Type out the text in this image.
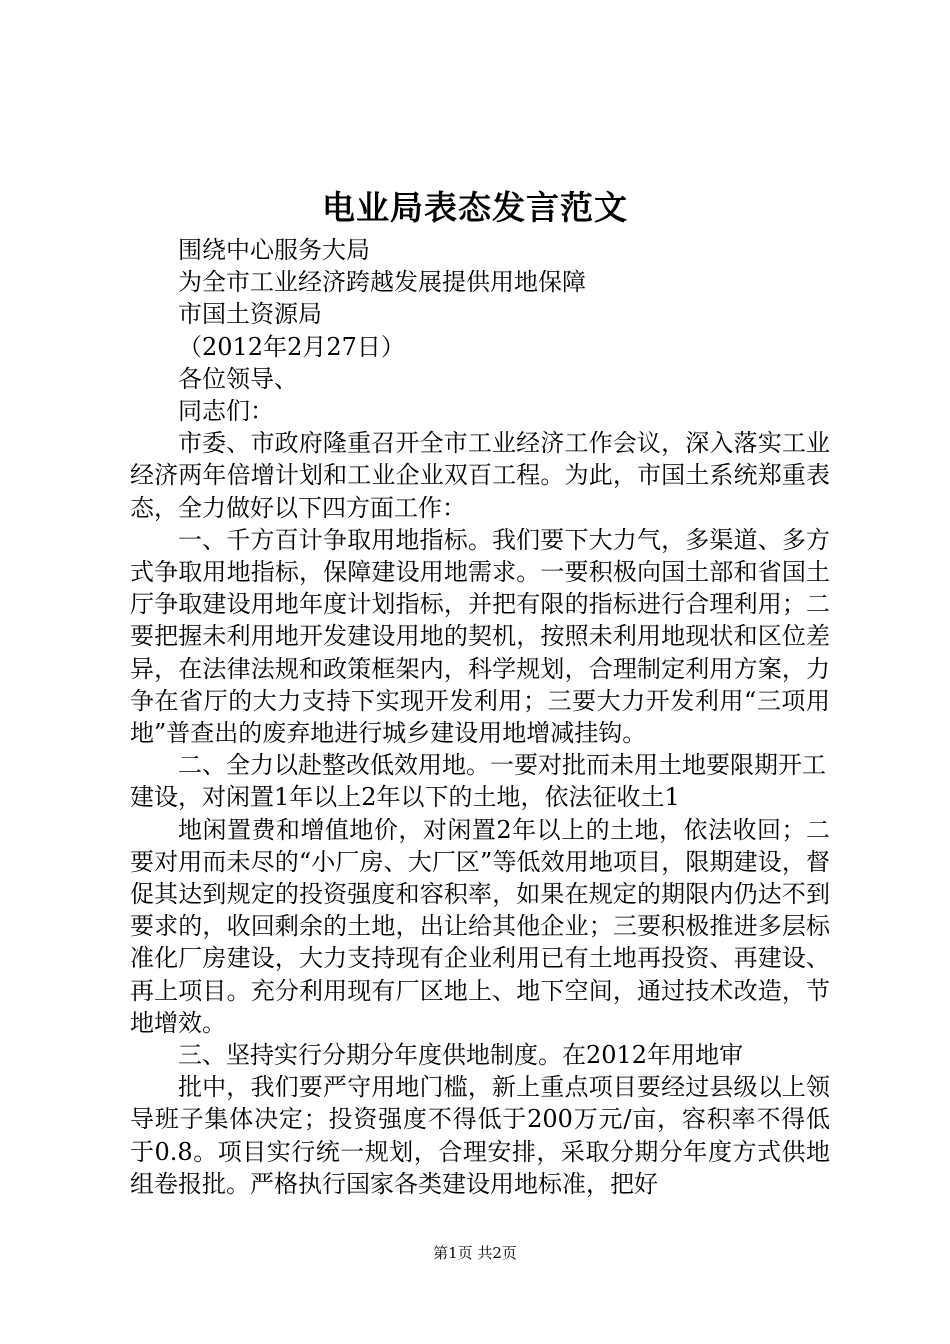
电业局表态发言范文

围绕中心服务大局

为全市工业经济跨越发展提供用地保障

市国土资源局

（2012年2月27日）

各位领导、

同志们：

市委、市政府隆重召开全市工业经济工作会议，深入落实工业经济两年倍增计划和工业企业双百工程。为此，市国土系统郑重表态，全力做好以下四方面工作：

一、千方百计争取用地指标。我们要下大力气，多渠道、多方式争取用地指标，保障建设用地需求。一要积极向国土部和省国土厅争取建设用地年度计划指标，并把有限的指标进行合理利用；二要把握未利用地开发建设用地的契机，按照未利用地现状和区位差异，在法律法规和政策框架内，科学规划，合理制定利用方案，力争在省厅的大力支持下实现开发利用；三要大力开发利用“三项用地”普查出的废弃地进行城乡建设用地增减挂钩。

二、全力以赴整改低效用地。一要对批而未用土地要限期开工建设，对闲置1年以上2年以下的土地，依法征收土1

地闲置费和增值地价，对闲置2年以上的土地，依法收回；二要对用而未尽的“小厂房、大厂区”等低效用地项目，限期建设，督促其达到规定的投资强度和容积率，如果在规定的期限内仍达不到要求的，收回剩余的土地，出让给其他企业；三要积极推进多层标准化厂房建设，大力支持现有企业利用已有土地再投资、再建设、再上项目。充分利用现有厂区地上、地下空间，通过技术改造，节地增效。

三、坚持实行分期分年度供地制度。在2012年用地审

批中，我们要严守用地门槛，新上重点项目要经过县级以上领导班子集体决定；投资强度不得低于200万元/亩，容积率不得低于0.8。项目实行统一规划，合理安排，采取分期分年度方式供地组卷报批。严格执行国家各类建设用地标准，把好

第1页 共2页
